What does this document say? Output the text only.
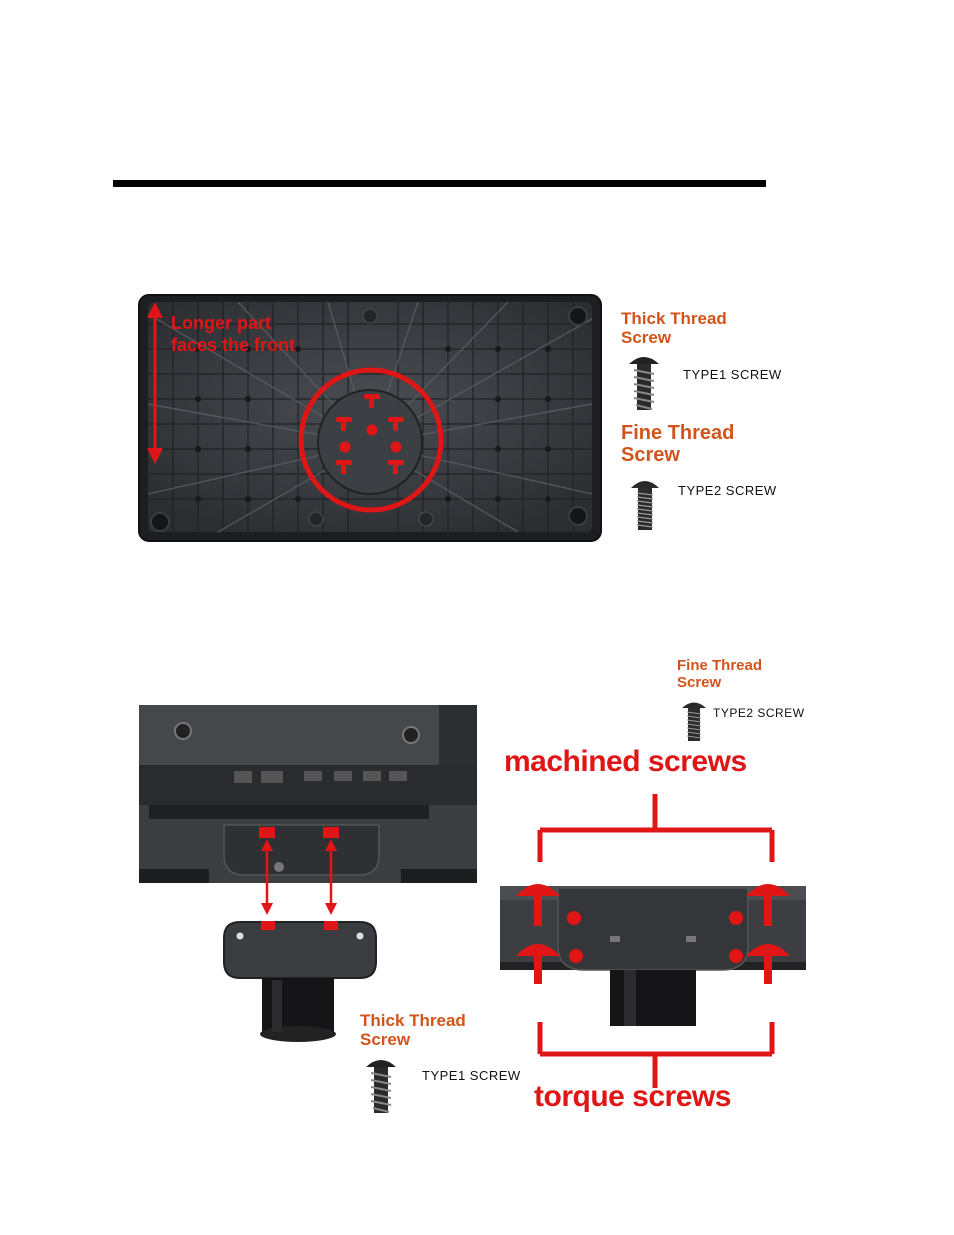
Longer part
faces the front
Thick Thread
Screw
TYPE1 SCREW
Fine Thread
Screw
TYPE2 SCREW
Fine Thread
Screw
TYPE2 SCREW
machined screws
torque screws
Thick Thread
Screw
TYPE1 SCREW
